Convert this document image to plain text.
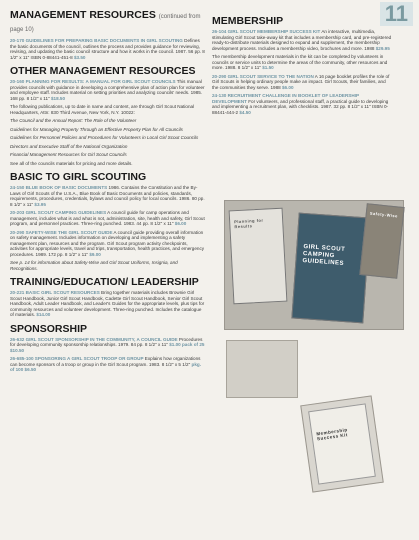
11
MANAGEMENT RESOURCES (continued from page 10)

20-170 GUIDELINES FOR PREPARING BASIC DOCUMENTS IN GIRL SCOUTING Defines the basic documents of the council, outlines the process and provides guidance for reviewing, revising, and updating the basic council structure and how it works in the council. 1987. 56 pp. 8 1/2" x 11" ISBN 0-88441-451-8 $3.50

OTHER MANAGEMENT RESOURCES

20-160 PLANNING FOR RESULTS: A MANUAL FOR GIRL SCOUT COUNCILS This manual provides councils with guidance in developing a comprehensive plan of action plan for volunteer and employee staff. Includes material on setting priorities and analyzing councils' needs. 1985. 168 pp. 8 1/2" x 11" $18.50

The following publications, up to date in name and content, are through Girl Scout National Headquarters, Attn: 830 Third Avenue, New York, N.Y. 10022:

The Council and the Annual Report: The Role of the Volunteer

Guidelines for Managing Property Through an Effective Property Plan for All Councils

Guidelines for Personnel Policies and Procedures for Volunteers in Local Girl Scout Councils

Directors and Executive Staff of the National Organization

Financial Management Resources for Girl Scout Councils

See all of the councils materials for pricing and more details.

BASIC TO GIRL SCOUTING

24-150 BLUE BOOK OF BASIC DOCUMENTS 1986. Contains the Constitution and the By-Laws of Girl Scouts of the U.S.A., Blue Book of Basic Documents and policies, standards, requirements, procedures, credentials, bylaws and council policy for local councils. 1986. 80 pp. 8 1/2" x 11" $3.95

20-203 GIRL SCOUT CAMPING GUIDELINES A council guide for camp operations and management, includes what is and what is not, administration, site, health and safety, Girl Scout program, and personnel practices. Three-ring punched. 1983. 44 pp. 8 1/2" x 11" $6.00

20-290 SAFETY-WISE THE GIRL SCOUT GUIDE A council guide providing overall information on safety management. Includes information on developing and implementing a safety management plan, resources and the program. Girl Scout program activity checkpoints, activities for appropriate levels, travel and trips, transportation, health practices, and emergency procedures. 1989. 172 pp. 8 1/2" x 11" $9.00

See p. 14 for information about Safety-Wise and Girl Scout Uniforms, Insignia, and Recognitions.

TRAINING/EDUCATION/ LEADERSHIP

20-221 BASIC GIRL SCOUT RESOURCES Bring together materials includes Brownie Girl Scout Handbook, Junior Girl Scout Handbook, Cadette Girl Scout Handbook, Senior Girl Scout Handbook, Adult Leader Handbook, and Leader's Guides for the appropriate levels, plus tips for community resources and volunteer development. Three-ring punched. Includes the catalogue of materials. $14.00

SPONSORSHIP

26-632 GIRL SCOUT SPONSORSHIP IN THE COMMUNITY, A COUNCIL GUIDE Procedures for developing community sponsorship relationships. 1979. 84 pp. 8 1/2" x 11" $1.00 pack of 25 $10.50

26-685-100 SPONSORING A GIRL SCOUT TROOP OR GROUP Explains how organizations can become sponsors of a troop or group in the Girl Scout program. 1983. 8 1/2" x 5 1/2" pkg. of 100 $6.50

MEMBERSHIP

26-104 GIRL SCOUT MEMBERSHIP SUCCESS KIT An interactive, multimedia, stimulating Girl Scout take-away kit that includes a membership card, and pre-registered ready-to-distribute materials designed to expand and supplement, the membership development process. Includes a membership video, brochures and more. 1988 $29.95

The membership development materials in the kit can be completed by volunteers in councils or service units to determine the areas of the community, other resources and more. 1988. 8 1/2" x 11" $1.50

20-290 GIRL SCOUT SERVICE TO THE NATION A 16 page booklet profiles the role of Girl Scouts in helping ordinary people make an impact. Girl Scouts, their families, and the communities they serve. 1988 $6.00

24-130 RECRUITMENT CHALLENGE IN BOOKLET OF LEADERSHIP DEVELOPMENT For volunteers, and professional staff, a practical guide to developing and implementing a recruitment plan, with checklists. 1987. 32 pp. 8 1/2" x 11" ISBN 0-88441-444-2 $4.50

Planning for Results
GIRL SCOUT CAMPING GUIDELINES
Safety-Wise
Membership Success Kit
